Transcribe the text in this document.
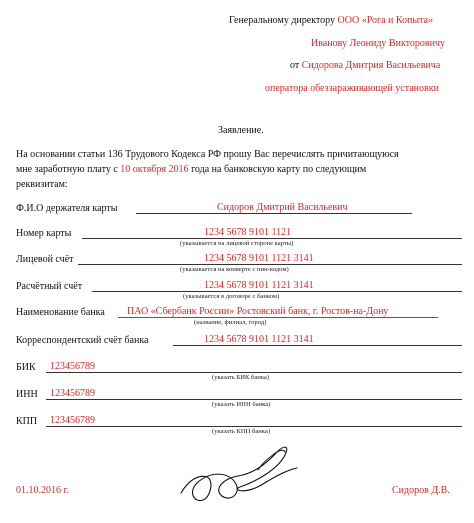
Генеральному директору ООО «Рога и Копыта»
Иванову Леониду Викторовичу
от Сидорова Дмитрия Васильевича
оператора обеззараживающей установки
Заявление.
На основании статьи 136 Трудового Кодекса РФ прошу Вас перечислять причитающуюся
мне заработную плату с 10 октября 2016 года на банковскую карту по следующим
реквизитам:
Ф.И.О держателя карты	Сидоров Дмитрий Васильевич
Номер карты	1234 5678 9101 1121
(указывается на лицевой стороне карты)
Лицевой счёт	1234 5678 9101 1121 3141
(указывается на конверте с пин-кодом)
Расчётный счёт	1234 5678 9101 1121 3141
(указывается в договоре с банком)
Наименование банка ПАО «Сбербанк России» Ростовский банк, г. Ростов-на-Дону
(название, филиал, город)
Корреспондентский счёт банка	1234 5678 9101 1121 3141
БИК 123456789
(указать БИК банка)
ИНН 123456789
(указать ИНН банка)
КПП 123456789
(указать КПП банка)
01.10.2016 г.	Сидоров Д.В.
